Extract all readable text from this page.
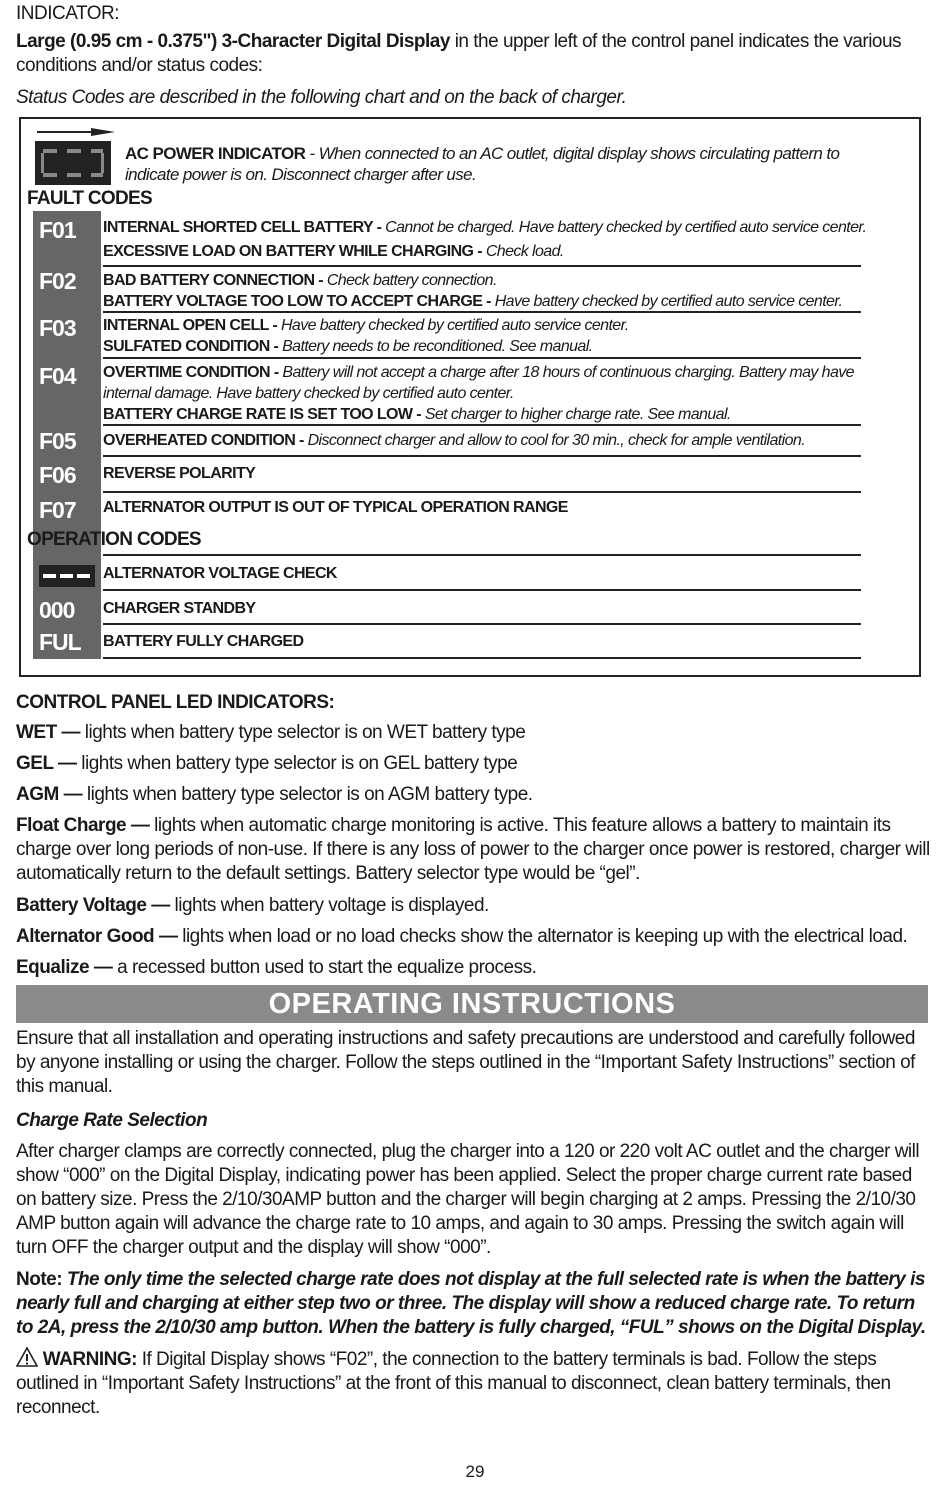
INDICATOR:
Large (0.95 cm - 0.375") 3-Character Digital Display in the upper left of the control panel indicates the various conditions and/or status codes:
Status Codes are described in the following chart and on the back of charger.
AC POWER INDICATOR - When connected to an AC outlet, digital display shows circulating pattern to indicate power is on. Disconnect charger after use.
FAULT CODES
F01	INTERNAL SHORTED CELL BATTERY - Cannot be charged. Have battery checked by certified auto service center.
EXCESSIVE LOAD ON BATTERY WHILE CHARGING - Check load.
F02	BAD BATTERY CONNECTION - Check battery connection.
BATTERY VOLTAGE TOO LOW TO ACCEPT CHARGE - Have battery checked by certified auto service center.
F03	INTERNAL OPEN CELL - Have battery checked by certified auto service center.
SULFATED CONDITION - Battery needs to be reconditioned. See manual.
F04	OVERTIME CONDITION - Battery will not accept a charge after 18 hours of continuous charging. Battery may have internal damage. Have battery checked by certified auto center.
BATTERY CHARGE RATE IS SET TOO LOW - Set charger to higher charge rate. See manual.
F05	OVERHEATED CONDITION - Disconnect charger and allow to cool for 30 min., check for ample ventilation.
F06	REVERSE POLARITY
F07	ALTERNATOR OUTPUT IS OUT OF TYPICAL OPERATION RANGE
OPERATION CODES
ALTERNATOR VOLTAGE CHECK
000	CHARGER STANDBY
FUL	BATTERY FULLY CHARGED
CONTROL PANEL LED INDICATORS:
WET — lights when battery type selector is on WET battery type
GEL — lights when battery type selector is on GEL battery type
AGM — lights when battery type selector is on AGM battery type.
Float Charge — lights when automatic charge monitoring is active. This feature allows a battery to maintain its charge over long periods of non-use. If there is any loss of power to the charger once power is restored, charger will automatically return to the default settings. Battery selector type would be “gel”.
Battery Voltage — lights when battery voltage is displayed.
Alternator Good — lights when load or no load checks show the alternator is keeping up with the electrical load.
Equalize — a recessed button used to start the equalize process.
OPERATING INSTRUCTIONS
Ensure that all installation and operating instructions and safety precautions are understood and carefully followed by anyone installing or using the charger. Follow the steps outlined in the “Important Safety Instructions” section of this manual.
Charge Rate Selection
After charger clamps are correctly connected, plug the charger into a 120 or 220 volt AC outlet and the charger will show “000” on the Digital Display, indicating power has been applied. Select the proper charge current rate based on battery size. Press the 2/10/30AMP button and the charger will begin charging at 2 amps. Pressing the 2/10/30 AMP button again will advance the charge rate to 10 amps, and again to 30 amps. Pressing the switch again will turn OFF the charger output and the display will show “000”.
Note: The only time the selected charge rate does not display at the full selected rate is when the battery is nearly full and charging at either step two or three. The display will show a reduced charge rate. To return to 2A, press the 2/10/30 amp button. When the battery is fully charged, “FUL” shows on the Digital Display.
WARNING: If Digital Display shows “F02”, the connection to the battery terminals is bad. Follow the steps outlined in “Important Safety Instructions” at the front of this manual to disconnect, clean battery terminals, then reconnect.
29
